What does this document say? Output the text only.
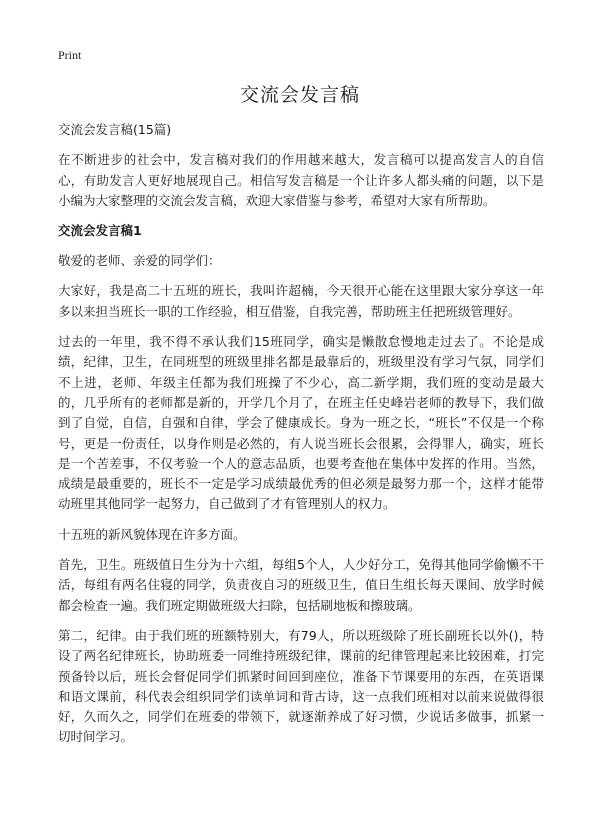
Print
交流会发言稿

交流会发言稿(15篇)

在不断进步的社会中，发言稿对我们的作用越来越大，发言稿可以提高发言人的自信心，有助发言人更好地展现自己。相信写发言稿是一个让许多人都头痛的问题，以下是小编为大家整理的交流会发言稿，欢迎大家借鉴与参考，希望对大家有所帮助。

交流会发言稿1

敬爱的老师、亲爱的同学们：

大家好，我是高二十五班的班长，我叫许超楠，今天很开心能在这里跟大家分享这一年多以来担当班长一职的工作经验，相互借鉴，自我完善，帮助班主任把班级管理好。

过去的一年里，我不得不承认我们15班同学，确实是懒散怠慢地走过去了。不论是成绩，纪律，卫生，在同班型的班级里排名都是最靠后的，班级里没有学习气氛，同学们不上进，老师、年级主任都为我们班操了不少心，高二新学期，我们班的变动是最大的，几乎所有的老师都是新的，开学几个月了，在班主任史峰岩老师的教导下，我们做到了自觉，自信，自强和自律，学会了健康成长。身为一班之长，“班长”不仅是一个称号，更是一份责任，以身作则是必然的，有人说当班长会很累，会得罪人，确实，班长是一个苦差事，不仅考验一个人的意志品质，也要考查他在集体中发挥的作用。当然，成绩是最重要的，班长不一定是学习成绩最优秀的但必须是最努力那一个，这样才能带动班里其他同学一起努力，自己做到了才有管理别人的权力。

十五班的新风貌体现在许多方面。

首先，卫生。班级值日生分为十六组，每组5个人，人少好分工，免得其他同学偷懒不干活，每组有两名住寝的同学，负责夜自习的班级卫生，值日生组长每天课间、放学时候都会检查一遍。我们班定期做班级大扫除，包括刷地板和擦玻璃。

第二，纪律。由于我们班的班额特别大，有79人，所以班级除了班长副班长以外()，特设了两名纪律班长，协助班委一同维持班级纪律，课前的纪律管理起来比较困难，打完预备铃以后，班长会督促同学们抓紧时间回到座位，准备下节课要用的东西，在英语课和语文课前，科代表会组织同学们读单词和背古诗，这一点我们班相对以前来说做得很好，久而久之，同学们在班委的带领下，就逐渐养成了好习惯，少说话多做事，抓紧一切时间学习。
